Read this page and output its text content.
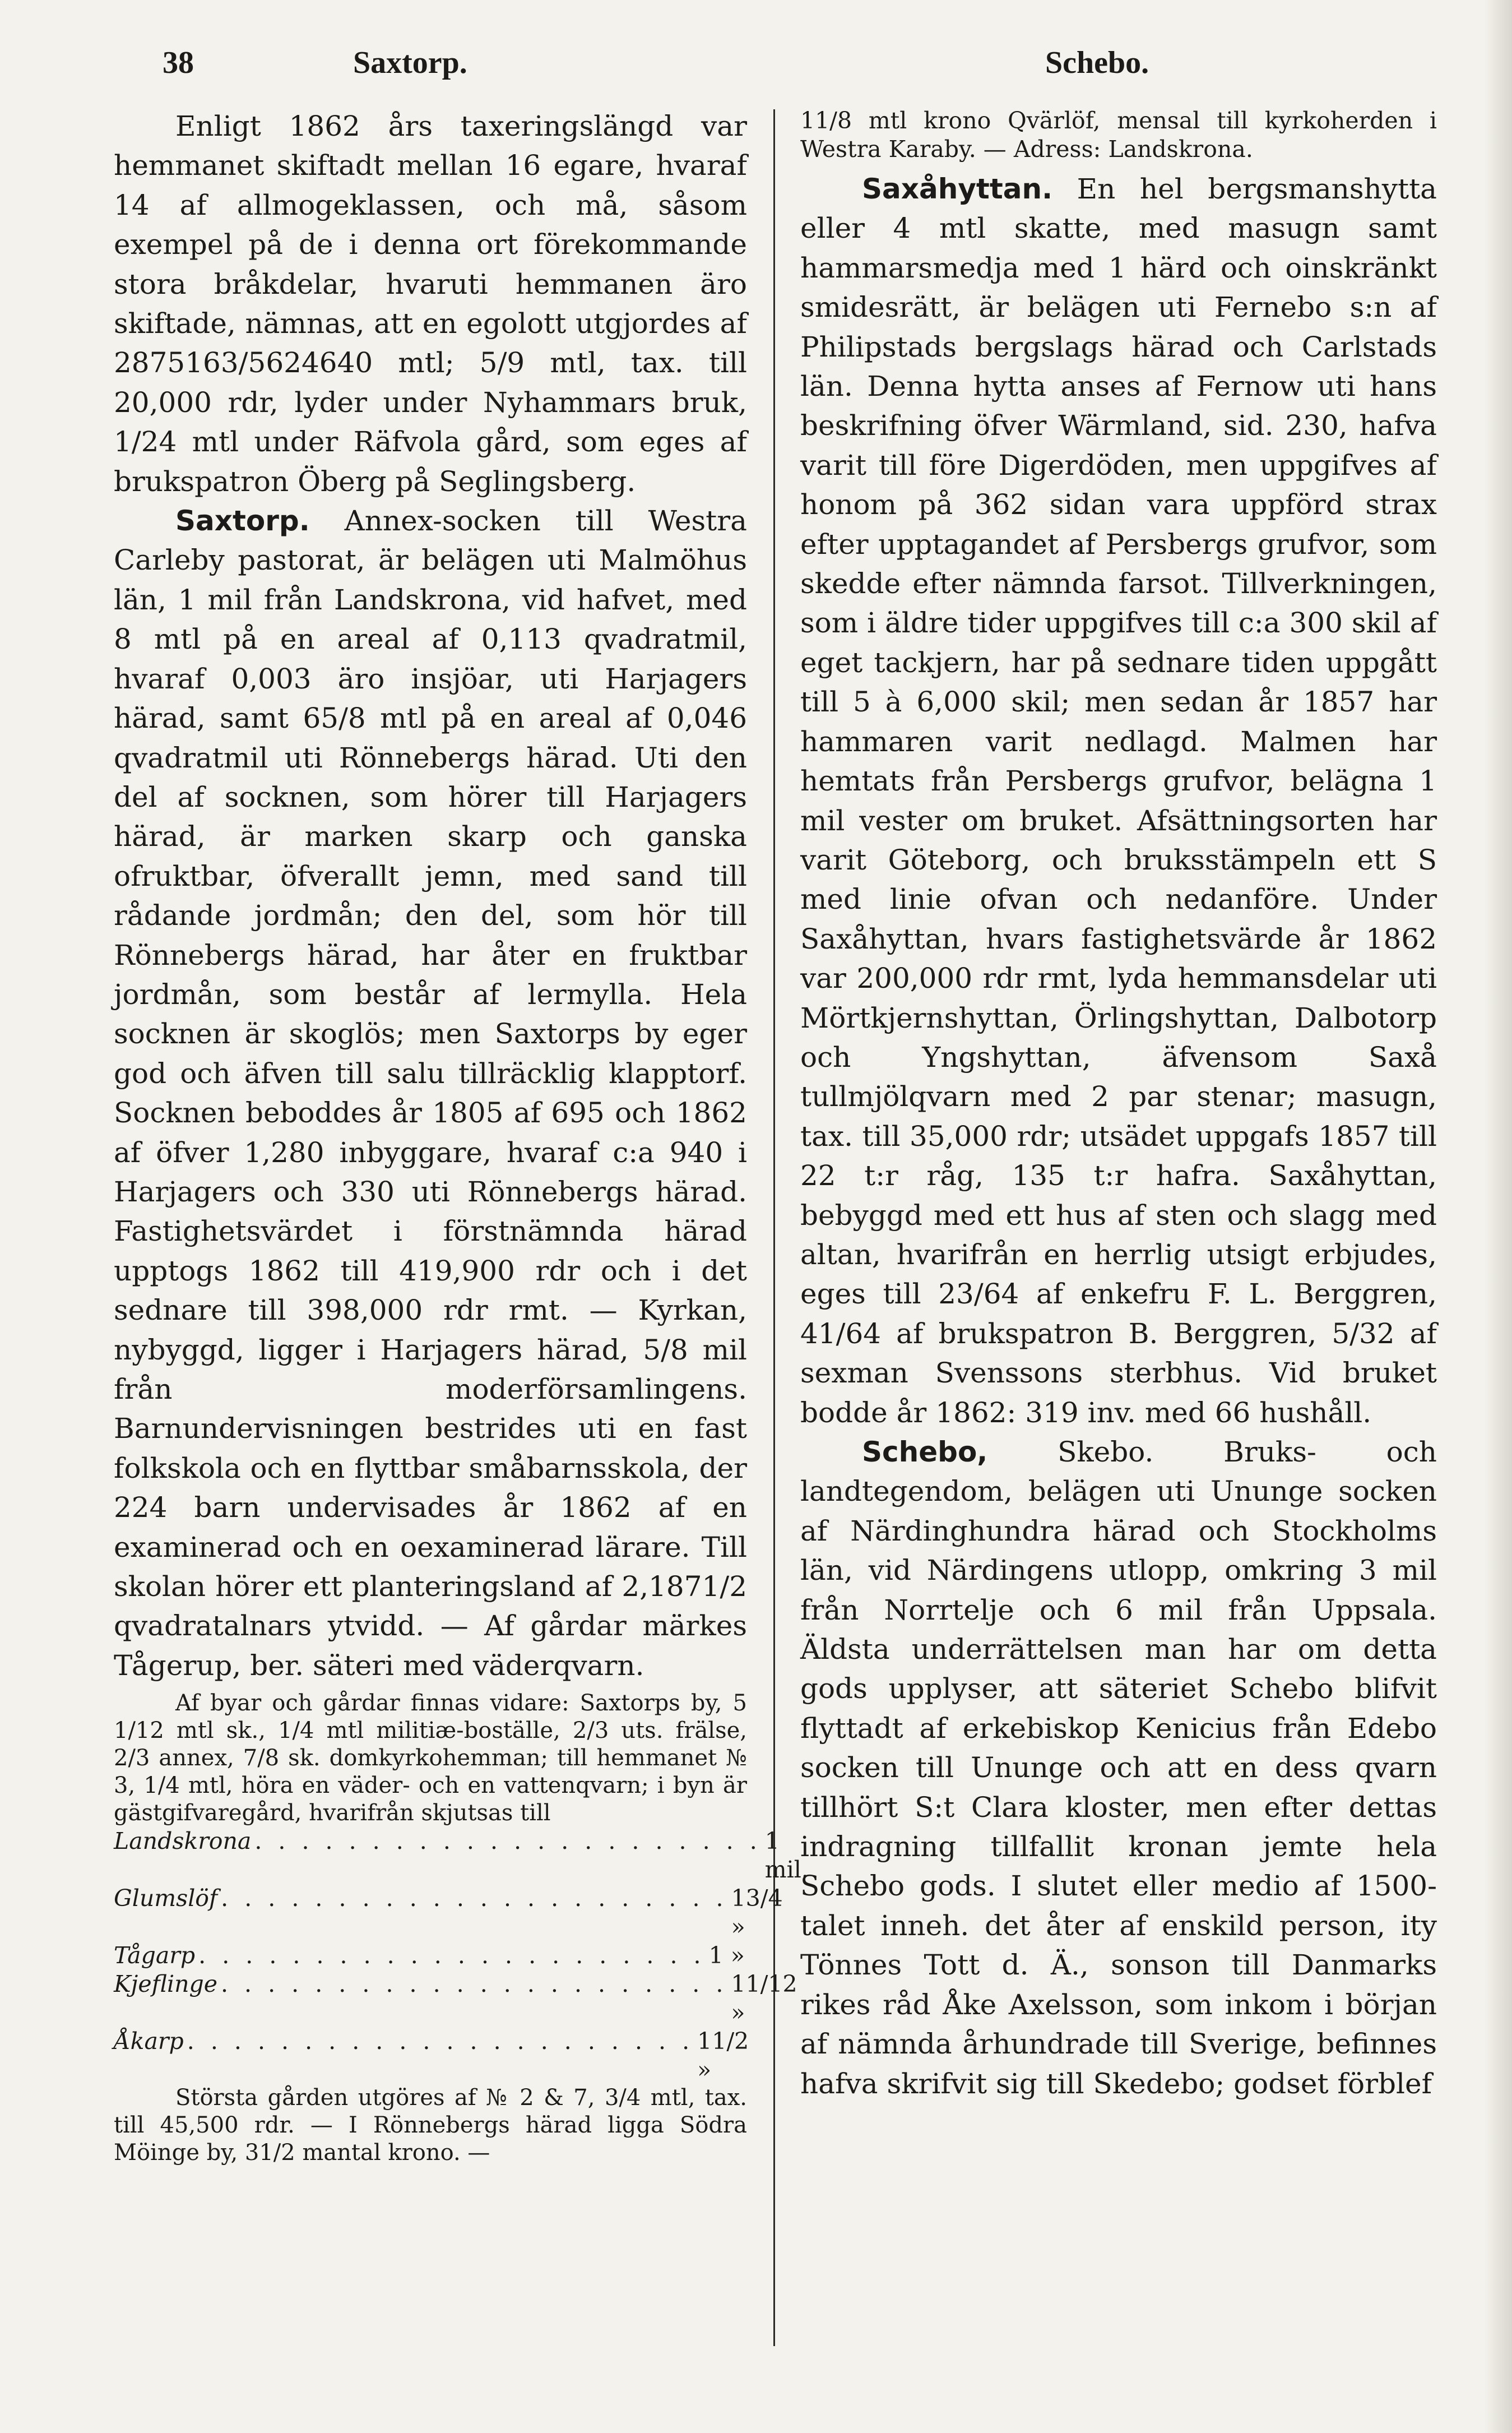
38	Saxtorp.	Schebo.

Enligt 1862 års taxeringslängd var hemmanet skiftadt mellan 16 egare, hvaraf 14 af allmogeklassen, och må, såsom exempel på de i denna ort förekommande stora bråkdelar, hvaruti hemmanen äro skiftade, nämnas, att en egolott utgjordes af 2875163/5624640 mtl; 5/9 mtl, tax. till 20,000 rdr, lyder under Nyhammars bruk, 1/24 mtl under Räfvola gård, som eges af brukspatron Öberg på Seglingsberg.

Saxtorp. Annex-socken till Westra Carleby pastorat, är belägen uti Malmöhus län, 1 mil från Landskrona, vid hafvet, med 8 mtl på en areal af 0,113 qvadratmil, hvaraf 0,003 äro insjöar, uti Harjagers härad, samt 65/8 mtl på en areal af 0,046 qvadratmil uti Rönnebergs härad. Uti den del af socknen, som hörer till Harjagers härad, är marken skarp och ganska ofruktbar, öfverallt jemn, med sand till rådande jordmån; den del, som hör till Rönnebergs härad, har åter en fruktbar jordmån, som består af lermylla. Hela socknen är skoglös; men Saxtorps by eger god och äfven till salu tillräcklig klapptorf. Socknen beboddes år 1805 af 695 och 1862 af öfver 1,280 inbyggare, hvaraf c:a 940 i Harjagers och 330 uti Rönnebergs härad. Fastighetsvärdet i förstnämnda härad upptogs 1862 till 419,900 rdr och i det sednare till 398,000 rdr rmt. — Kyrkan, nybyggd, ligger i Harjagers härad, 5/8 mil från moderförsamlingens. Barnundervisningen bestrides uti en fast folkskola och en flyttbar småbarnsskola, der 224 barn undervisades år 1862 af en examinerad och en oexaminerad lärare. Till skolan hörer ett planteringsland af 2,1871/2 qvadratalnars ytvidd. — Af gårdar märkes Tågerup, ber. säteri med väderqvarn.

Af byar och gårdar finnas vidare: Saxtorps by, 5 1/12 mtl sk., 1/4 mtl militiæ-boställe, 2/3 uts. frälse, 2/3 annex, 7/8 sk. domkyrkohemman; till hemmanet № 3, 1/4 mtl, höra en väder- och en vattenqvarn; i byn är gästgifvaregård, hvarifrån skjutsas till

Landskrona . . . . . . . . . . . . . . . . . . . . . . 1 mil.
Glumslöf . . . . . . . . . . . . . . . . . . . . . . 13/4 »
Tågarp . . . . . . . . . . . . . . . . . . . . . . 1 »
Kjeflinge . . . . . . . . . . . . . . . . . . . . . . 11/12 »
Åkarp . . . . . . . . . . . . . . . . . . . . . . 11/2 »

Största gården utgöres af № 2 & 7, 3/4 mtl, tax. till 45,500 rdr. — I Rönnebergs härad ligga Södra Möinge by, 31/2 mantal krono. —

11/8 mtl krono Qvärlöf, mensal till kyrkoherden i Westra Karaby. — Adress: Landskrona.

Saxåhyttan. En hel bergsmanshytta eller 4 mtl skatte, med masugn samt hammarsmedja med 1 härd och oinskränkt smidesrätt, är belägen uti Fernebo s:n af Philipstads bergslags härad och Carlstads län. Denna hytta anses af Fernow uti hans beskrifning öfver Wärmland, sid. 230, hafva varit till före Digerdöden, men uppgifves af honom på 362 sidan vara uppförd strax efter upptagandet af Persbergs grufvor, som skedde efter nämnda farsot. Tillverkningen, som i äldre tider uppgifves till c:a 300 skil af eget tackjern, har på sednare tiden uppgått till 5 à 6,000 skil; men sedan år 1857 har hammaren varit nedlagd. Malmen har hemtats från Persbergs grufvor, belägna 1 mil vester om bruket. Afsättningsorten har varit Göteborg, och bruksstämpeln ett S med linie ofvan och nedanföre. Under Saxåhyttan, hvars fastighetsvärde år 1862 var 200,000 rdr rmt, lyda hemmansdelar uti Mörtkjernshyttan, Örlingshyttan, Dalbotorp och Yngshyttan, äfvensom Saxå tullmjölqvarn med 2 par stenar; masugn, tax. till 35,000 rdr; utsädet uppgafs 1857 till 22 t:r råg, 135 t:r hafra. Saxåhyttan, bebyggd med ett hus af sten och slagg med altan, hvarifrån en herrlig utsigt erbjudes, eges till 23/64 af enkefru F. L. Berggren, 41/64 af brukspatron B. Berggren, 5/32 af sexman Svenssons sterbhus. Vid bruket bodde år 1862: 319 inv. med 66 hushåll.

Schebo, Skebo. Bruks- och landtegendom, belägen uti Ununge socken af Närdinghundra härad och Stockholms län, vid Närdingens utlopp, omkring 3 mil från Norrtelje och 6 mil från Uppsala. Äldsta underrättelsen man har om detta gods upplyser, att säteriet Schebo blifvit flyttadt af erkebiskop Kenicius från Edebo socken till Ununge och att en dess qvarn tillhört S:t Clara kloster, men efter dettas indragning tillfallit kronan jemte hela Schebo gods. I slutet eller medio af 1500-talet inneh. det åter af enskild person, ity Tönnes Tott d. Ä., sonson till Danmarks rikes råd Åke Axelsson, som inkom i början af nämnda århundrade till Sverige, befinnes hafva skrifvit sig till Skedebo; godset förblef
